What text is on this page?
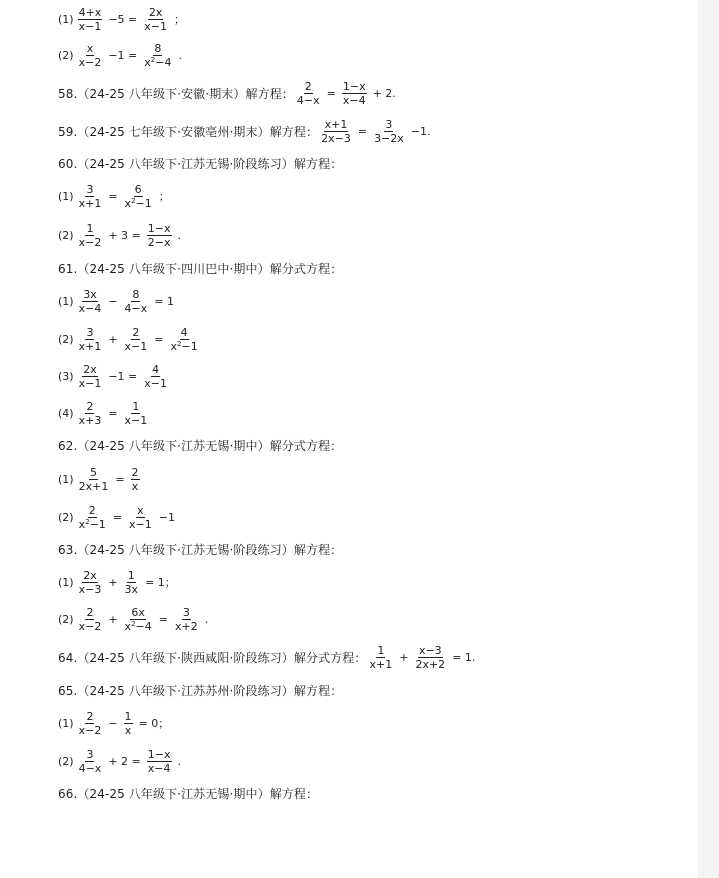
$(1) \frac{4+x}{x-1} -5 = \frac{2x}{x-1}$ ；
$(2) \frac{x}{x-2} -1 = \frac{8}{x^2-4}$ .
58.（24-25 八年级下·安徽·期末）解方程： $\frac{2}{4-x} = \frac{1-x}{x-4} + 2$.
59.（24-25 七年级下·安徽亳州·期末）解方程： $\frac{x+1}{2x-3} = \frac{3}{3-2x} -1$.
60.（24-25 八年级下·江苏无锡·阶段练习）解方程：
$(1) \frac{3}{x+1} = \frac{6}{x^2-1}$ ；
$(2) \frac{1}{x-2} + 3 = \frac{1-x}{2-x}$ .
61.（24-25 八年级下·四川巴中·期中）解分式方程：
$(1) \frac{3x}{x-4} - \frac{8}{4-x} = 1$
$(2) \frac{3}{x+1} + \frac{2}{x-1} = \frac{4}{x^2-1}$
$(3) \frac{2x}{x-1} -1 = \frac{4}{x-1}$
$(4) \frac{2}{x+3} = \frac{1}{x-1}$
62.（24-25 八年级下·江苏无锡·期中）解分式方程：
$(1) \frac{5}{2x+1} = \frac{2}{x}$
$(2) \frac{2}{x^2-1} = \frac{x}{x-1} -1$
63.（24-25 八年级下·江苏无锡·阶段练习）解方程：
$(1) \frac{2x}{x-3} + \frac{1}{3x} = 1$；
$(2) \frac{2}{x-2} + \frac{6x}{x^2-4} = \frac{3}{x+2}$ .
64.（24-25 八年级下·陕西咸阳·阶段练习）解分式方程： $\frac{1}{x+1} + \frac{x-3}{2x+2} = 1$.
65.（24-25 八年级下·江苏苏州·阶段练习）解方程：
$(1) \frac{2}{x-2} - \frac{1}{x} = 0$；
$(2) \frac{3}{4-x} + 2 = \frac{1-x}{x-4}$ .
66.（24-25 八年级下·江苏无锡·期中）解方程：
